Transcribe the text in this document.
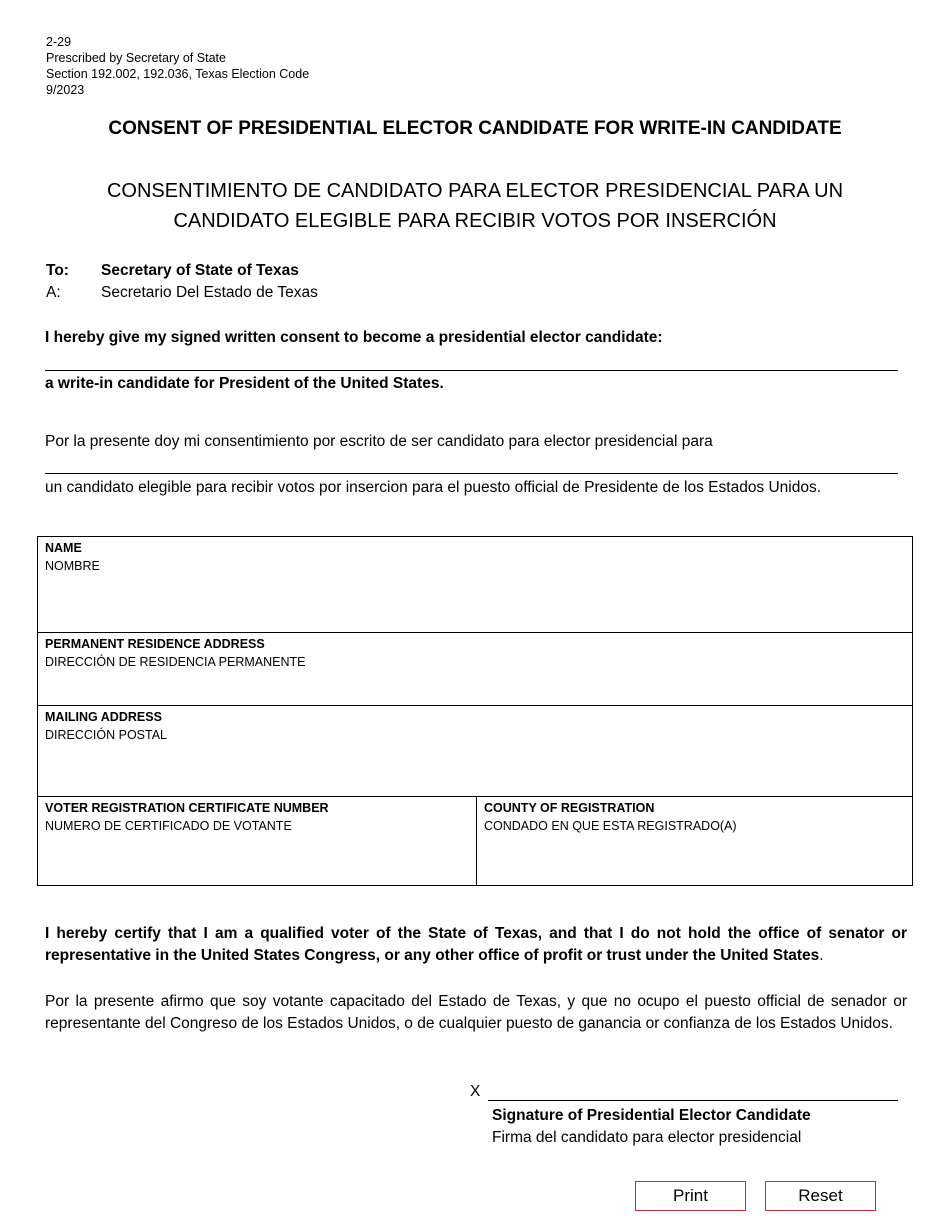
2-29
Prescribed by Secretary of State
Section 192.002, 192.036, Texas Election Code
9/2023
CONSENT OF PRESIDENTIAL ELECTOR CANDIDATE FOR WRITE-IN CANDIDATE
CONSENTIMIENTO DE CANDIDATO PARA ELECTOR PRESIDENCIAL PARA UN
CANDIDATO ELEGIBLE PARA RECIBIR VOTOS POR INSERCIÓN
To:	Secretary of State of Texas
A:	Secretario Del Estado de Texas
I hereby give my signed written consent to become a presidential elector candidate:
a write-in candidate for President of the United States.
Por la presente doy mi consentimiento por escrito de ser candidato para elector presidencial para
un candidato elegible para recibir votos por insercion para el puesto official de Presidente de los Estados Unidos.
NAME
NOMBRE
PERMANENT RESIDENCE ADDRESS
DIRECCIÓN DE RESIDENCIA PERMANENTE
MAILING ADDRESS
DIRECCIÓN POSTAL
VOTER REGISTRATION CERTIFICATE NUMBER
NUMERO DE CERTIFICADO DE VOTANTE
COUNTY OF REGISTRATION
CONDADO EN QUE ESTA REGISTRADO(A)
I hereby certify that I am a qualified voter of the State of Texas, and that I do not hold the office of senator or representative in the United States Congress, or any other office of profit or trust under the United States.
Por la presente afirmo que soy votante capacitado del Estado de Texas, y que no ocupo el puesto official de senador or representante del Congreso de los Estados Unidos, o de cualquier puesto de ganancia or confianza de los Estados Unidos.
X
Signature of Presidential Elector Candidate
Firma del candidato para elector presidencial
Print	Reset
